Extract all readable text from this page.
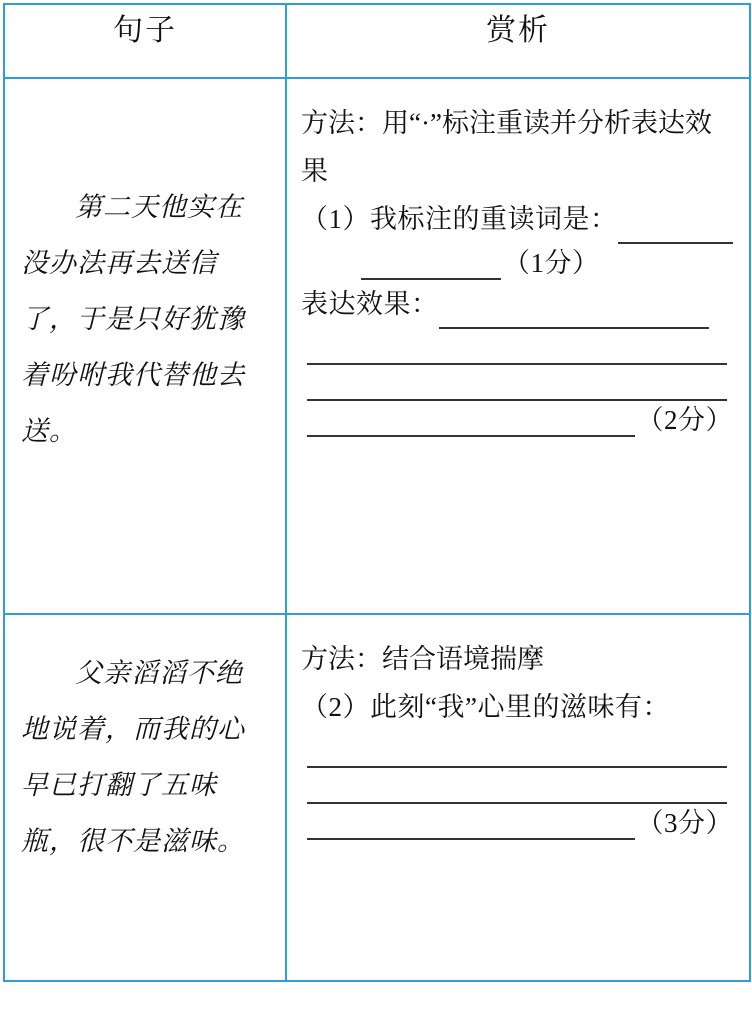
句子	赏析

第二天他实在没办法再去送信了，于是只好犹豫着吩咐我代替他去送。	方法：用“·”标注重读并分析表达效果
（1）我标注的重读词是：
（1分）
表达效果：
（2分）

父亲滔滔不绝地说着，而我的心早已打翻了五味瓶，很不是滋味。	方法：结合语境揣摩
（2）此刻“我”心里的滋味有：
（3分）
